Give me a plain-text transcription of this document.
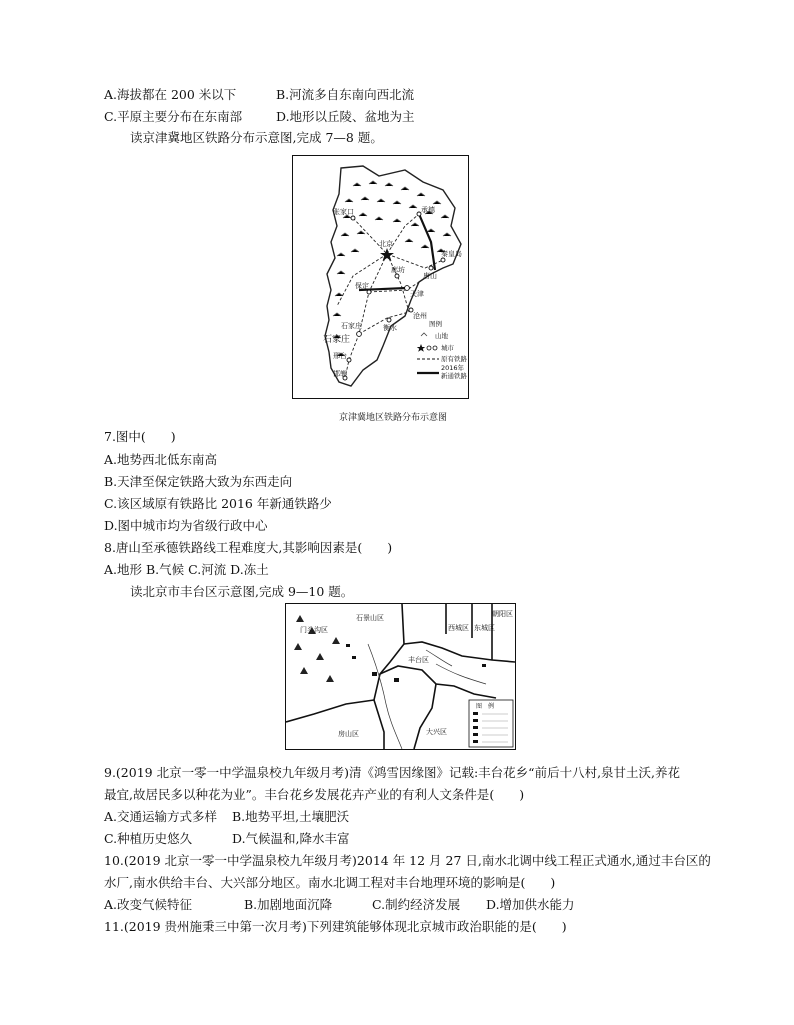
A.海拔都在 200 米以下	B.河流多自东南向西北流
C.平原主要分布在东南部	D.地形以丘陵、盆地为主
读京津冀地区铁路分布示意图,完成 7—8 题。
张家口	承德
北京
秦皇岛
唐山
廊坊
天津
保定
沧州
石家庄	衡水
邢台
邯郸
石家庄
图例
山地
城市
原有铁路
2016年
新通铁路
京津冀地区铁路分布示意图
7.图中(　　)
A.地势西北低东南高
B.天津至保定铁路大致为东西走向
C.该区域原有铁路比 2016 年新通铁路少
D.图中城市均为省级行政中心
8.唐山至承德铁路线工程难度大,其影响因素是(　　)
A.地形 B.气候 C.河流 D.冻土
读北京市丰台区示意图,完成 9—10 题。
门头沟区
石景山区
西城区 东城区
朝阳区
丰台区
房山区	大兴区
图　例
9.(2019 北京一零一中学温泉校九年级月考)清《鸿雪因缘图》记载:丰台花乡“前后十八村,泉甘土沃,养花
最宜,故居民多以种花为业”。丰台花乡发展花卉产业的有利人文条件是(　　)
A.交通运输方式多样 B.地势平坦,土壤肥沃
C.种植历史悠久	D.气候温和,降水丰富
10.(2019 北京一零一中学温泉校九年级月考)2014 年 12 月 27 日,南水北调中线工程正式通水,通过丰台区的
水厂,南水供给丰台、大兴部分地区。南水北调工程对丰台地理环境的影响是(　　)
A.改变气候特征	B.加剧地面沉降	C.制约经济发展 D.增加供水能力
11.(2019 贵州施秉三中第一次月考)下列建筑能够体现北京城市政治职能的是(　　)
